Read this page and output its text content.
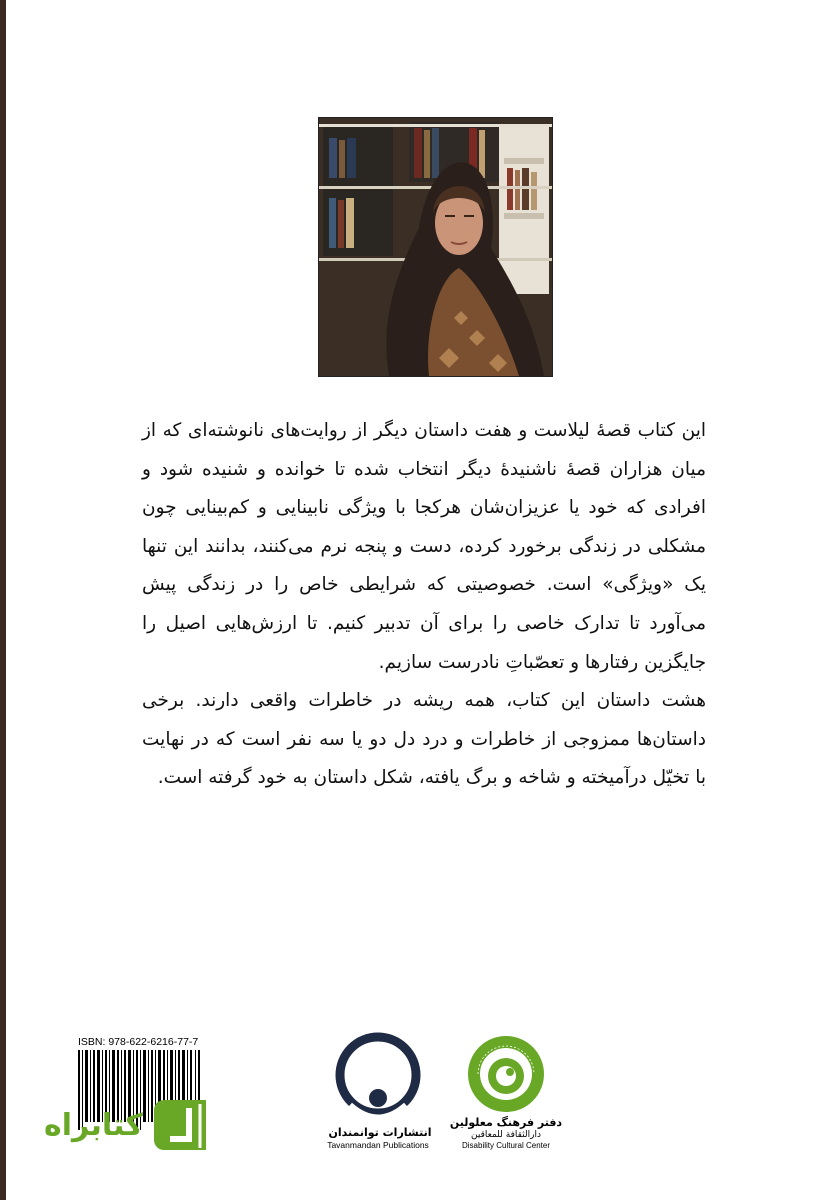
این کتاب قصهٔ لیلاست و هفت داستان دیگر از روایت‌های نانوشته‌ای که از میان هزاران قصهٔ ناشنیدهٔ دیگر انتخاب شده تا خوانده و شنیده شود و افرادی که خود یا عزیزان‌شان هرکجا با ویژگی نابینایی و کم‌بینایی چون مشکلی در زندگی برخورد کرده، دست و پنجه نرم می‌کنند، بدانند این تنها یک «ویژگی» است. خصوصیتی که شرایطی خاص را در زندگی پیش می‌آورد تا تدارک خاصی را برای آن تدبیر کنیم. تا ارزش‌هایی اصیل را جایگزین رفتارها و تعصّباتِ نادرست سازیم.

هشت داستان این کتاب، همه ریشه در خاطرات واقعی دارند. برخی داستان‌ها ممزوجی از خاطرات و درد دل دو یا سه نفر است که در نهایت با تخیّل درآمیخته و شاخه و برگ یافته، شکل داستان به خود گرفته است.

ISBN: 978-622-6216-77-7
کتابراه	انتشارات توانمندان
Tavanmandan Publications
دفتر فرهنگ معلولین
دارالثقافة للمعاقین
Disability Cultural Center
